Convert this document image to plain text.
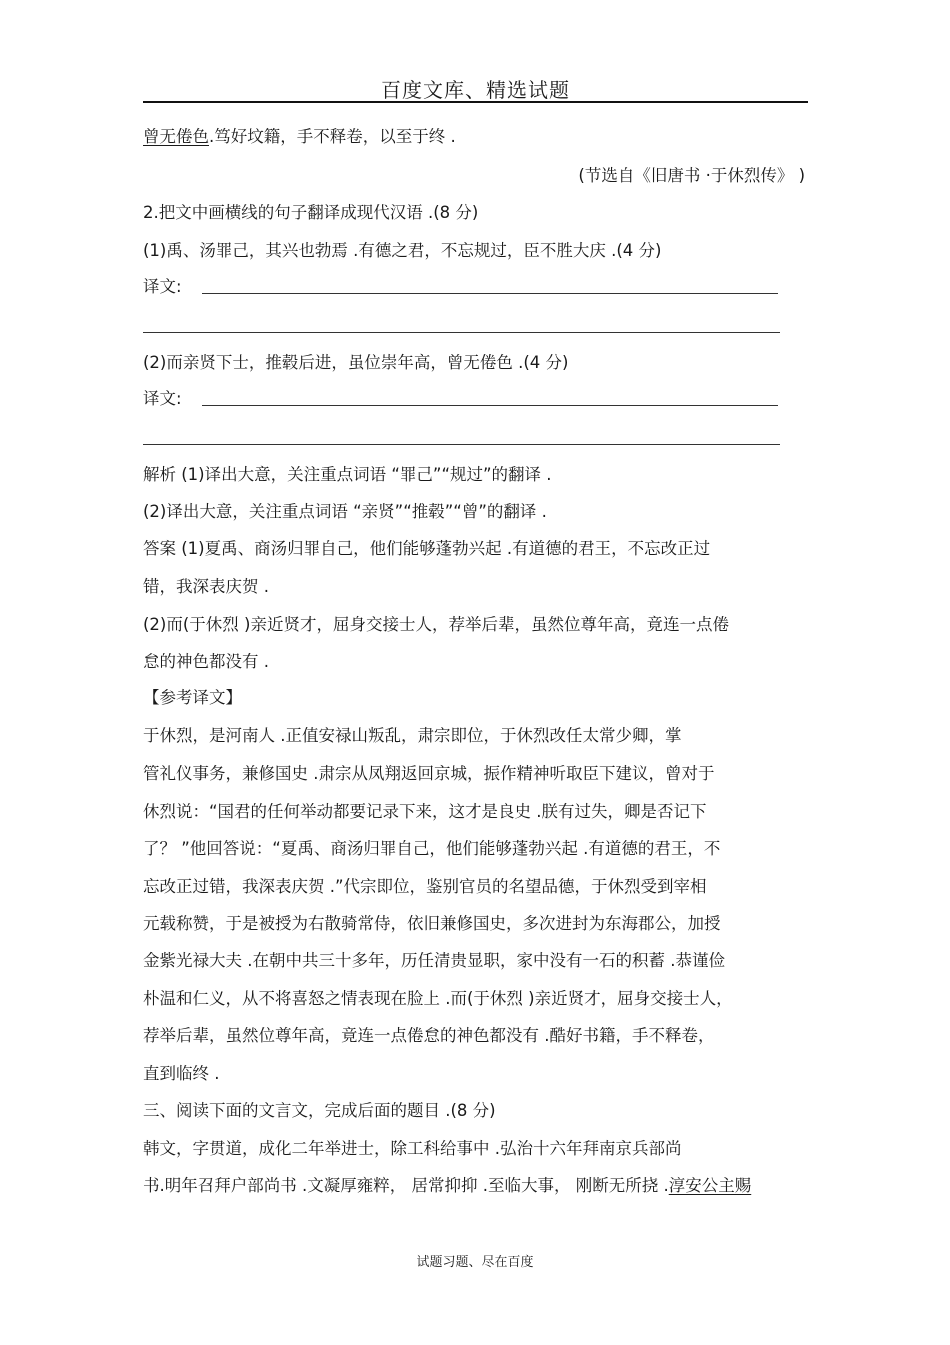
百度文库、精选试题
曾无倦色.笃好坟籍，手不释卷，以至于终 .
(节选自《旧唐书 ·于休烈传》 )
2.把文中画横线的句子翻译成现代汉语 .(8 分)
(1)禹、汤罪己，其兴也勃焉 .有德之君，不忘规过，臣不胜大庆 .(4 分)
译文:
(2)而亲贤下士，推毂后进，虽位崇年高，曾无倦色 .(4 分)
译文:
解析 (1)译出大意，关注重点词语 “罪己”“规过”的翻译 .
(2)译出大意，关注重点词语 “亲贤”“推毂”“曾”的翻译 .
答案 (1)夏禹、商汤归罪自己，他们能够蓬勃兴起 .有道德的君王，不忘改正过
错，我深表庆贺 .
(2)而(于休烈 )亲近贤才，屈身交接士人，荐举后辈，虽然位尊年高，竟连一点倦
怠的神色都没有 .
【参考译文】
于休烈，是河南人 .正值安禄山叛乱，肃宗即位，于休烈改任太常少卿，掌
管礼仪事务，兼修国史 .肃宗从凤翔返回京城，振作精神听取臣下建议，曾对于
休烈说：“国君的任何举动都要记录下来，这才是良史 .朕有过失，卿是否记下
了？ ”他回答说：“夏禹、商汤归罪自己，他们能够蓬勃兴起 .有道德的君王，不
忘改正过错，我深表庆贺 .”代宗即位，鉴别官员的名望品德，于休烈受到宰相
元载称赞，于是被授为右散骑常侍，依旧兼修国史，多次进封为东海郡公，加授
金紫光禄大夫 .在朝中共三十多年，历任清贵显职，家中没有一石的积蓄 .恭谨俭
朴温和仁义，从不将喜怒之情表现在脸上 .而(于休烈 )亲近贤才，屈身交接士人，
荐举后辈，虽然位尊年高，竟连一点倦怠的神色都没有 .酷好书籍，手不释卷，
直到临终 .
三、阅读下面的文言文，完成后面的题目 .(8 分)
韩文，字贯道，成化二年举进士，除工科给事中 .弘治十六年拜南京兵部尚
书.明年召拜户部尚书 .文凝厚雍粹， 居常抑抑 .至临大事， 刚断无所挠 .淳安公主赐
试题习题、尽在百度
